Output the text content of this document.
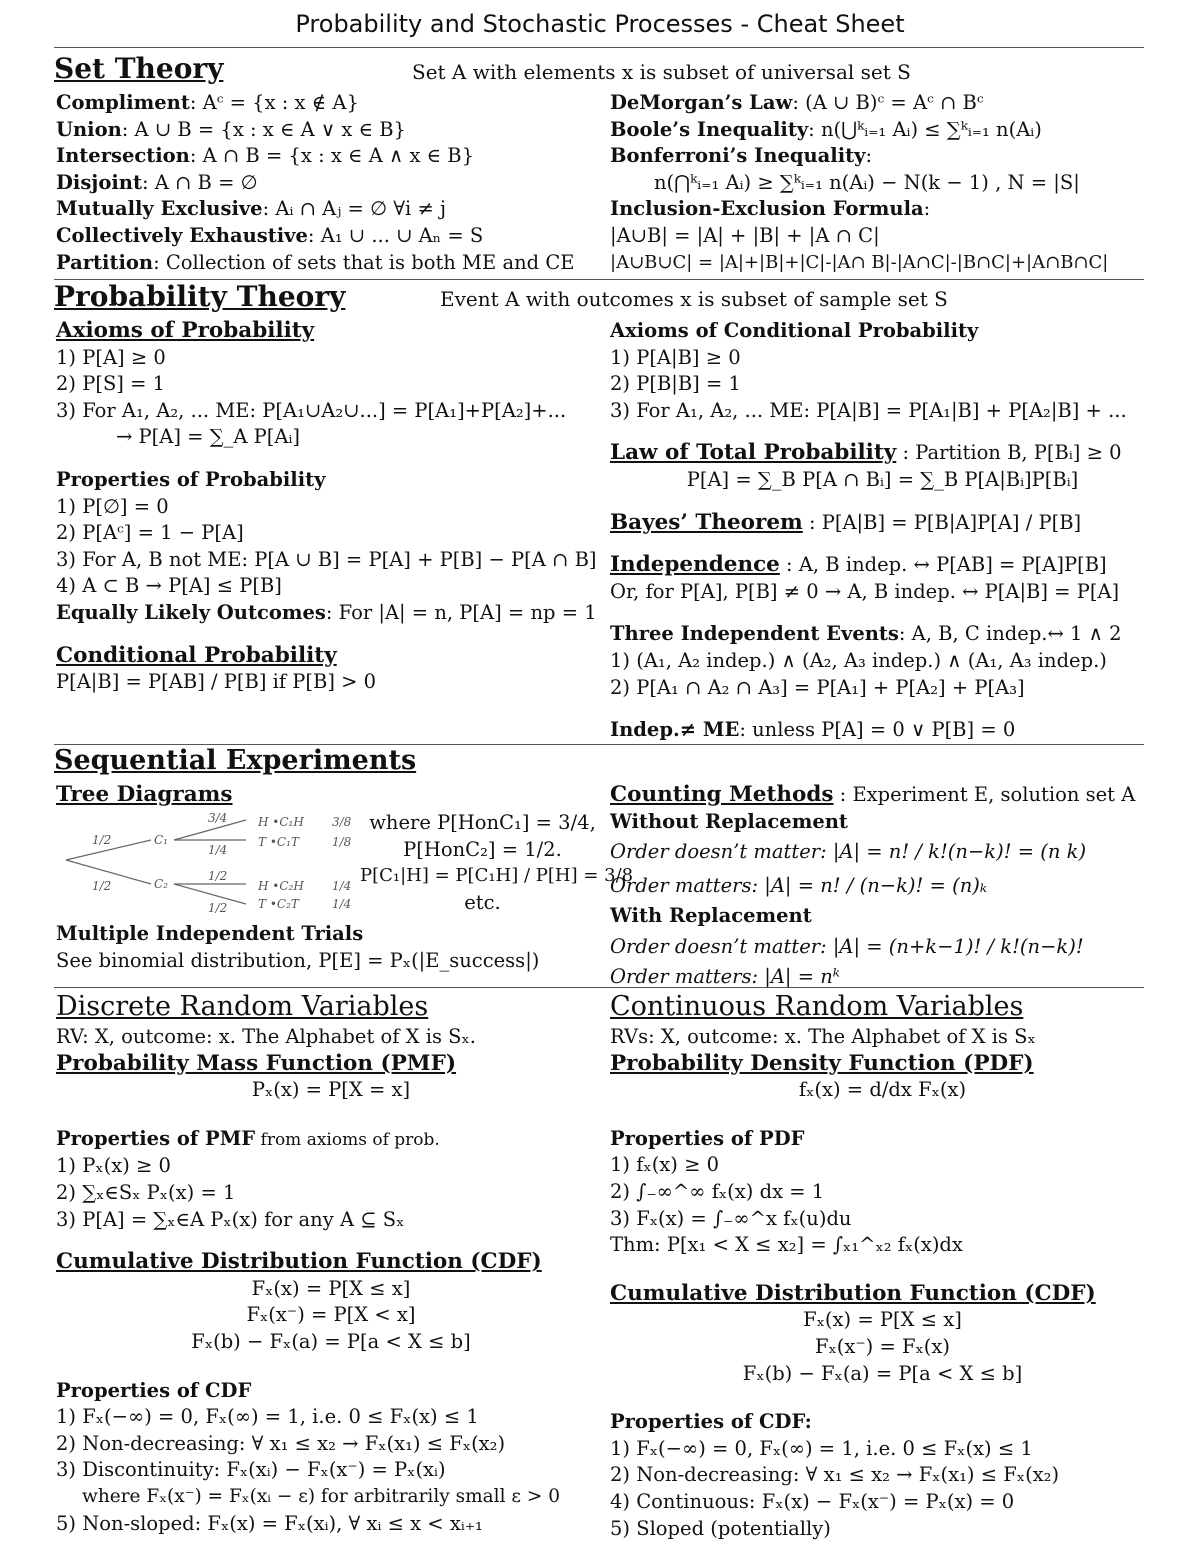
Probability and Stochastic Processes - Cheat Sheet
Set Theory	Set A with elements x is subset of universal set S
Compliment: Aᶜ = {x : x ∉ A}
Union: A ∪ B = {x : x ∈ A ∨ x ∈ B}
Intersection: A ∩ B = {x : x ∈ A ∧ x ∈ B}
Disjoint: A ∩ B = ∅
Mutually Exclusive: Aᵢ ∩ Aⱼ = ∅ ∀i ≠ j
Collectively Exhaustive: A₁ ∪ ... ∪ Aₙ = S
Partition: Collection of sets that is both ME and CE
DeMorgan’s Law: (A ∪ B)ᶜ = Aᶜ ∩ Bᶜ
Boole’s Inequality: n(⋃ᵏᵢ₌₁ Aᵢ) ≤ ∑ᵏᵢ₌₁ n(Aᵢ)
Bonferroni’s Inequality:
n(⋂ᵏᵢ₌₁ Aᵢ) ≥ ∑ᵏᵢ₌₁ n(Aᵢ) − N(k − 1) , N = |S|
Inclusion-Exclusion Formula:
|A∪B| = |A| + |B| + |A ∩ C|
|A∪B∪C| = |A|+|B|+|C|-|A∩ B|-|A∩C|-|B∩C|+|A∩B∩C|
Probability Theory	Event A with outcomes x is subset of sample set S
Axioms of Probability
1) P[A] ≥ 0
2) P[S] = 1
3) For A₁, A₂, ... ME: P[A₁∪A₂∪...] = P[A₁]+P[A₂]+...
→ P[A] = ∑_A P[Aᵢ]
Properties of Probability
1) P[∅] = 0
2) P[Aᶜ] = 1 − P[A]
3) For A, B not ME: P[A ∪ B] = P[A] + P[B] − P[A ∩ B]
4) A ⊂ B → P[A] ≤ P[B]
Equally Likely Outcomes: For |A| = n, P[A] = np = 1
Conditional Probability
P[A|B] = P[AB] / P[B] if P[B] > 0
Axioms of Conditional Probability
1) P[A|B] ≥ 0
2) P[B|B] = 1
3) For A₁, A₂, ... ME: P[A|B] = P[A₁|B] + P[A₂|B] + ...
Law of Total Probability : Partition B, P[Bᵢ] ≥ 0
P[A] = ∑_B P[A ∩ Bᵢ] = ∑_B P[A|Bᵢ]P[Bᵢ]
Bayes’ Theorem : P[A|B] = P[B|A]P[A] / P[B]
Independence : A, B indep. ↔ P[AB] = P[A]P[B]
Or, for P[A], P[B] ≠ 0 → A, B indep. ↔ P[A|B] = P[A]
Three Independent Events: A, B, C indep.↔ 1 ∧ 2
1) (A₁, A₂ indep.) ∧ (A₂, A₃ indep.) ∧ (A₁, A₃ indep.)
2) P[A₁ ∩ A₂ ∩ A₃] = P[A₁] + P[A₂] + P[A₃]
Indep.≠ ME: unless P[A] = 0 ∨ P[B] = 0
Sequential Experiments
Tree Diagrams
1/2
1/2
C₁
C₂
3/4
1/4
1/2
1/2
H •C₁H
T •C₁T
H •C₂H
T •C₂T
3/8
1/8
1/4
1/4
where P[HonC₁] = 3/4,
P[HonC₂] = 1/2.
P[C₁|H] = P[C₁H] / P[H] = 3/8
etc.
Multiple Independent Trials
See binomial distribution, P[E] = Pₓ(|E_success|)
Counting Methods : Experiment E, solution set A
Without Replacement
Order doesn’t matter: |A| = n! / k!(n−k)! = (n k)
Order matters: |A| = n! / (n−k)! = (n)ₖ
With Replacement
Order doesn’t matter: |A| = (n+k−1)! / k!(n−k)!
Order matters: |A| = nᵏ
Discrete Random Variables
RV: X, outcome: x. The Alphabet of X is Sₓ.
Probability Mass Function (PMF)
Pₓ(x) = P[X = x]
Properties of PMF from axioms of prob.
1) Pₓ(x) ≥ 0
2) ∑ₓ∈Sₓ Pₓ(x) = 1
3) P[A] = ∑ₓ∈A Pₓ(x) for any A ⊆ Sₓ
Cumulative Distribution Function (CDF)
Fₓ(x) = P[X ≤ x]
Fₓ(x⁻) = P[X < x]
Fₓ(b) − Fₓ(a) = P[a < X ≤ b]
Properties of CDF
1) Fₓ(−∞) = 0, Fₓ(∞) = 1, i.e. 0 ≤ Fₓ(x) ≤ 1
2) Non-decreasing: ∀ x₁ ≤ x₂ → Fₓ(x₁) ≤ Fₓ(x₂)
3) Discontinuity: Fₓ(xᵢ) − Fₓ(x⁻) = Pₓ(xᵢ)
where Fₓ(x⁻) = Fₓ(xᵢ − ε) for arbitrarily small ε > 0
5) Non-sloped: Fₓ(x) = Fₓ(xᵢ), ∀ xᵢ ≤ x < xᵢ₊₁
Continuous Random Variables
RVs: X, outcome: x. The Alphabet of X is Sₓ
Probability Density Function (PDF)
fₓ(x) = d/dx Fₓ(x)
Properties of PDF
1) fₓ(x) ≥ 0
2) ∫₋∞^∞ fₓ(x) dx = 1
3) Fₓ(x) = ∫₋∞^x fₓ(u)du
Thm: P[x₁ < X ≤ x₂] = ∫ₓ₁^ₓ₂ fₓ(x)dx
Cumulative Distribution Function (CDF)
Fₓ(x) = P[X ≤ x]
Fₓ(x⁻) = Fₓ(x)
Fₓ(b) − Fₓ(a) = P[a < X ≤ b]
Properties of CDF:
1) Fₓ(−∞) = 0, Fₓ(∞) = 1, i.e. 0 ≤ Fₓ(x) ≤ 1
2) Non-decreasing: ∀ x₁ ≤ x₂ → Fₓ(x₁) ≤ Fₓ(x₂)
4) Continuous: Fₓ(x) − Fₓ(x⁻) = Pₓ(x) = 0
5) Sloped (potentially)
